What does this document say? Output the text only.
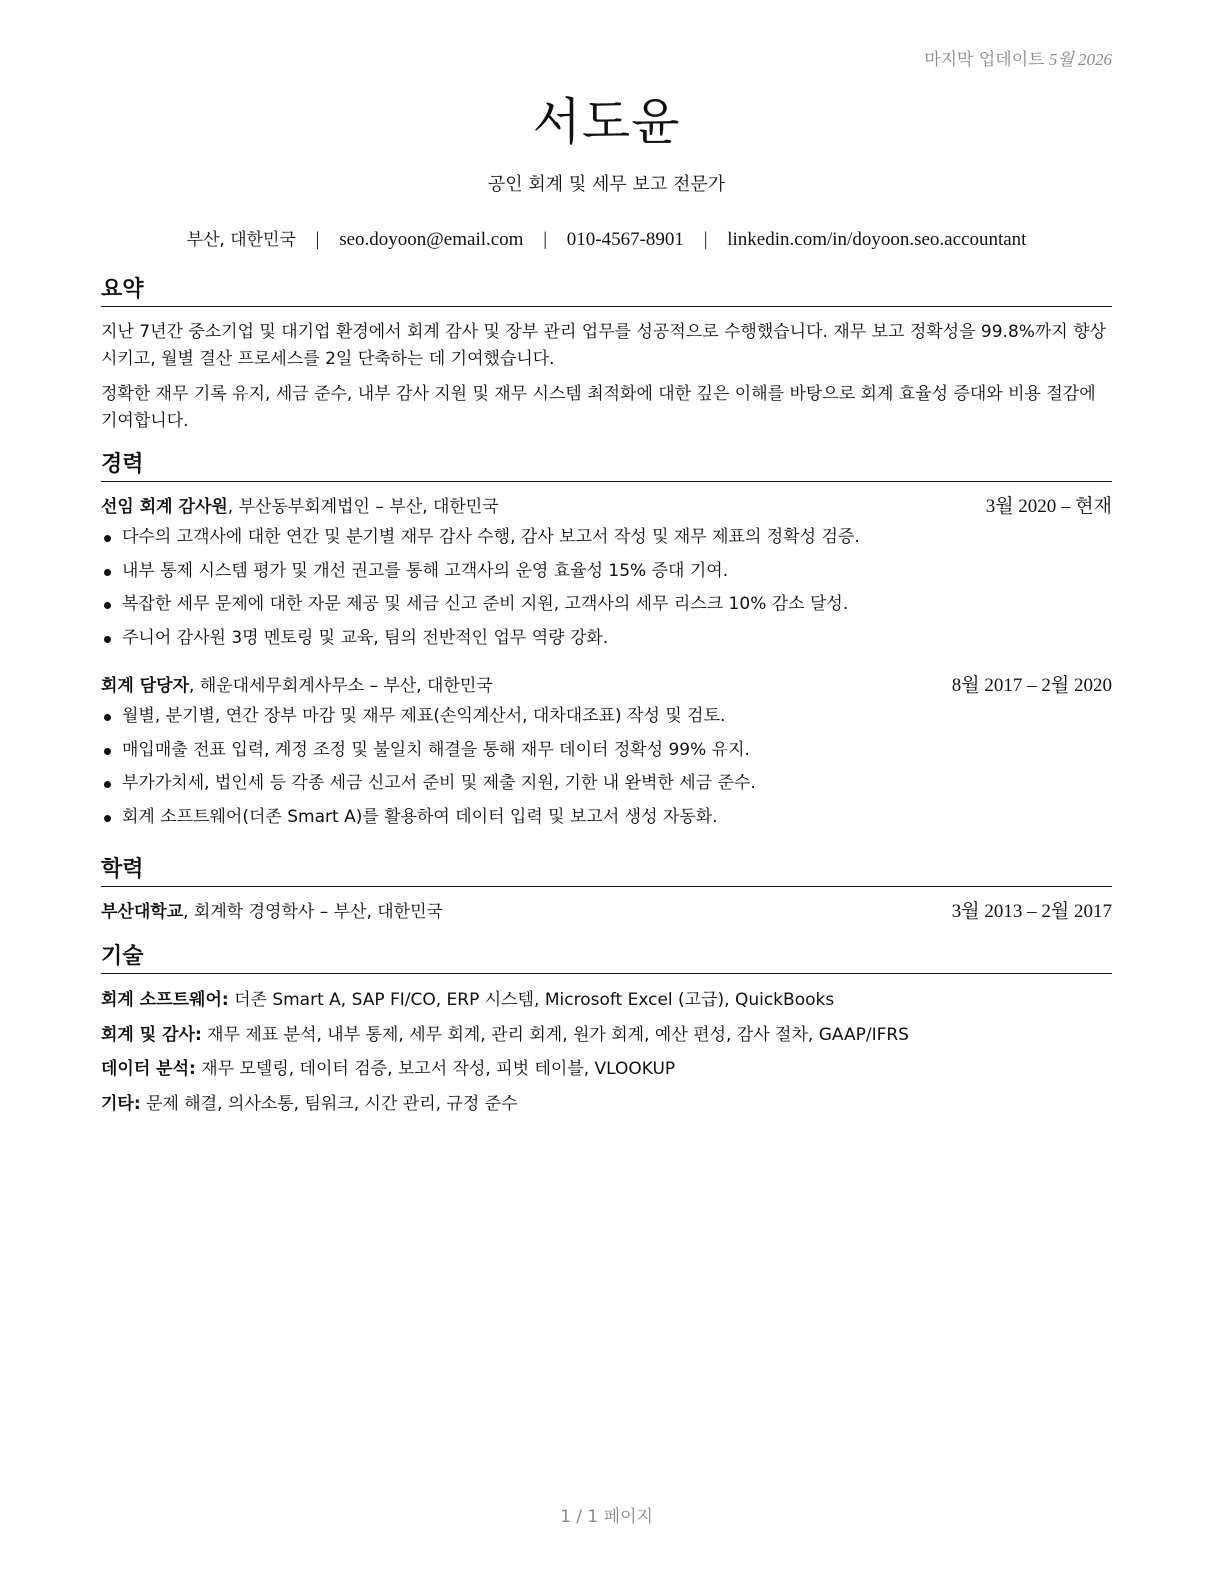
마지막 업데이트 5월 2026
서도윤
공인 회계 및 세무 보고 전문가
부산, 대한민국 | seo.doyoon@email.com | 010-4567-8901 | linkedin.com/in/doyoon.seo.accountant
요약

지난 7년간 중소기업 및 대기업 환경에서 회계 감사 및 장부 관리 업무를 성공적으로 수행했습니다. 재무 보고 정확성을 99.8%까지 향상시키고, 월별 결산 프로세스를 2일 단축하는 데 기여했습니다.

정확한 재무 기록 유지, 세금 준수, 내부 감사 지원 및 재무 시스템 최적화에 대한 깊은 이해를 바탕으로 회계 효율성 증대와 비용 절감에 기여합니다.

경력
선임 회계 감사원, 부산동부회계법인 – 부산, 대한민국	3월 2020 – 현재
다수의 고객사에 대한 연간 및 분기별 재무 감사 수행, 감사 보고서 작성 및 재무 제표의 정확성 검증.
내부 통제 시스템 평가 및 개선 권고를 통해 고객사의 운영 효율성 15% 증대 기여.
복잡한 세무 문제에 대한 자문 제공 및 세금 신고 준비 지원, 고객사의 세무 리스크 10% 감소 달성.
주니어 감사원 3명 멘토링 및 교육, 팀의 전반적인 업무 역량 강화.
회계 담당자, 해운대세무회계사무소 – 부산, 대한민국	8월 2017 – 2월 2020
월별, 분기별, 연간 장부 마감 및 재무 제표(손익계산서, 대차대조표) 작성 및 검토.
매입매출 전표 입력, 계정 조정 및 불일치 해결을 통해 재무 데이터 정확성 99% 유지.
부가가치세, 법인세 등 각종 세금 신고서 준비 및 제출 지원, 기한 내 완벽한 세금 준수.
회계 소프트웨어(더존 Smart A)를 활용하여 데이터 입력 및 보고서 생성 자동화.
학력
부산대학교, 회계학 경영학사 – 부산, 대한민국	3월 2013 – 2월 2017
기술
회계 소프트웨어: 더존 Smart A, SAP FI/CO, ERP 시스템, Microsoft Excel (고급), QuickBooks
회계 및 감사: 재무 제표 분석, 내부 통제, 세무 회계, 관리 회계, 원가 회계, 예산 편성, 감사 절차, GAAP/IFRS
데이터 분석: 재무 모델링, 데이터 검증, 보고서 작성, 피벗 테이블, VLOOKUP
기타: 문제 해결, 의사소통, 팀워크, 시간 관리, 규정 준수
1 / 1 페이지
